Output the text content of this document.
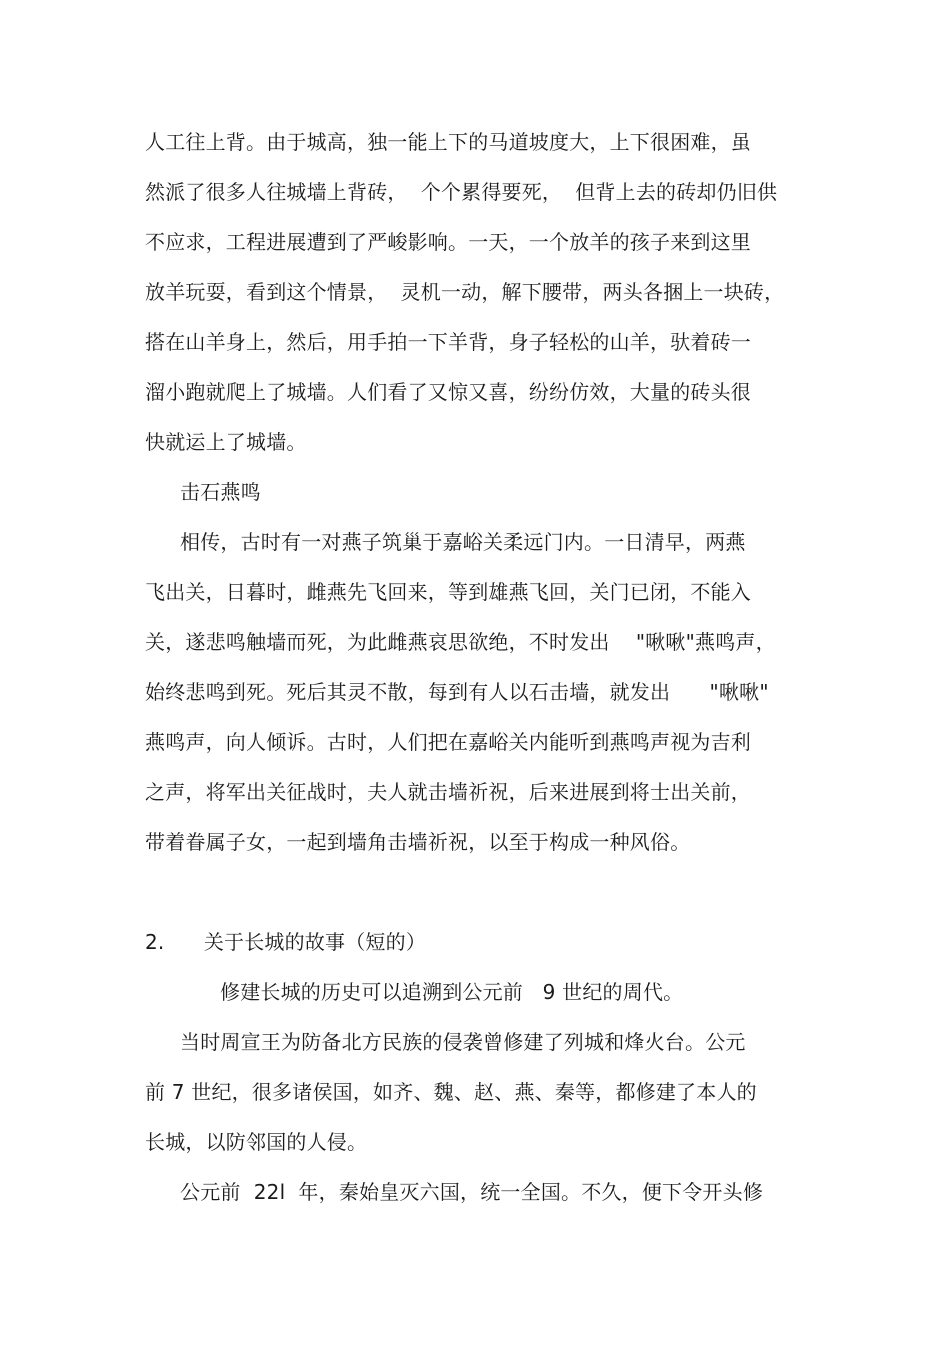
人工往上背。由于城高，独一能上下的马道坡度大，上下很困难，虽
然派了很多人往城墙上背砖，  个个累得要死，  但背上去的砖却仍旧供
不应求，工程进展遭到了严峻影响。一天，一个放羊的孩子来到这里
放羊玩耍，看到这个情景，  灵机一动，解下腰带，两头各捆上一块砖，
搭在山羊身上，然后，用手拍一下羊背，身子轻松的山羊，驮着砖一
溜小跑就爬上了城墙。人们看了又惊又喜，纷纷仿效，大量的砖头很
快就运上了城墙。
击石燕鸣
相传，古时有一对燕子筑巢于嘉峪关柔远门内。一日清早，两燕
飞出关，日暮时，雌燕先飞回来，等到雄燕飞回，关门已闭，不能入
关，遂悲鸣触墙而死，为此雌燕哀思欲绝，不时发出    "啾啾"燕鸣声，
始终悲鸣到死。死后其灵不散，每到有人以石击墙，就发出      "啾啾"
燕鸣声，向人倾诉。古时，人们把在嘉峪关内能听到燕鸣声视为吉利
之声，将军出关征战时，夫人就击墙祈祝，后来进展到将士出关前，
带着眷属子女，一起到墙角击墙祈祝，以至于构成一种风俗。
2.      关于长城的故事（短的）
修建长城的历史可以追溯到公元前   9 世纪的周代。
当时周宣王为防备北方民族的侵袭曾修建了列城和烽火台。公元
前 7 世纪，很多诸侯国，如齐、魏、赵、燕、秦等，都修建了本人的
长城，以防邻国的人侵。
公元前  22l  年，秦始皇灭六国，统一全国。不久，便下令开头修
